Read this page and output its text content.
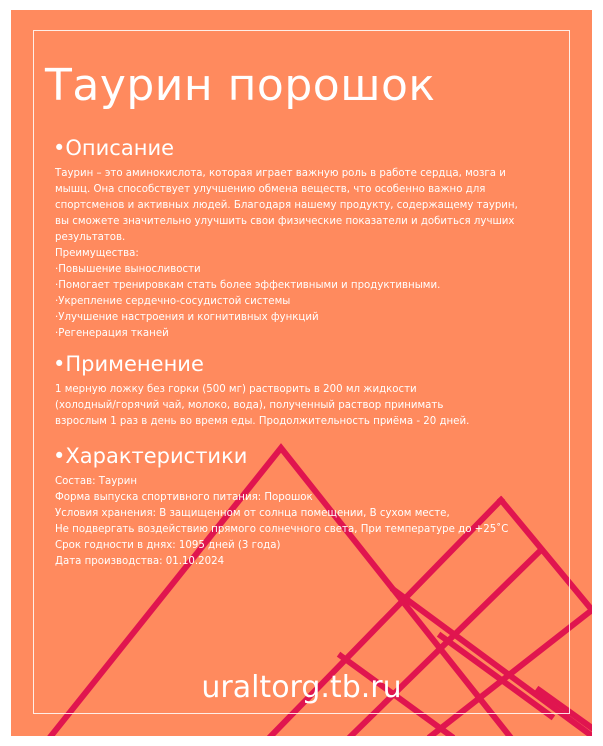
Таурин порошок
•Описание
Таурин – это аминокислота, которая играет важную роль в работе сердца, мозга и
мышц. Она способствует улучшению обмена веществ, что особенно важно для
спортсменов и активных людей. Благодаря нашему продукту, содержащему таурин,
вы сможете значительно улучшить свои физические показатели и добиться лучших
результатов.
Преимущества:
·Повышение выносливости
·Помогает тренировкам стать более эффективными и продуктивными.
·Укрепление сердечно-сосудистой системы
·Улучшение настроения и когнитивных функций
·Регенерация тканей
•Применение
1 мерную ложку без горки (500 мг) растворить в 200 мл жидкости
(холодный/горячий чай, молоко, вода), полученный раствор принимать
взрослым 1 раз в день во время еды. Продолжительность приёма - 20 дней.
•Характеристики
Состав: Таурин
Форма выпуска спортивного питания: Порошок
Условия хранения: В защищенном от солнца помещении, В сухом месте,
Не подвергать воздействию прямого солнечного света, При температуре до +25˚C
Срок годности в днях: 1095 дней (3 года)
Дата производства: 01.10.2024
uraltorg.tb.ru
